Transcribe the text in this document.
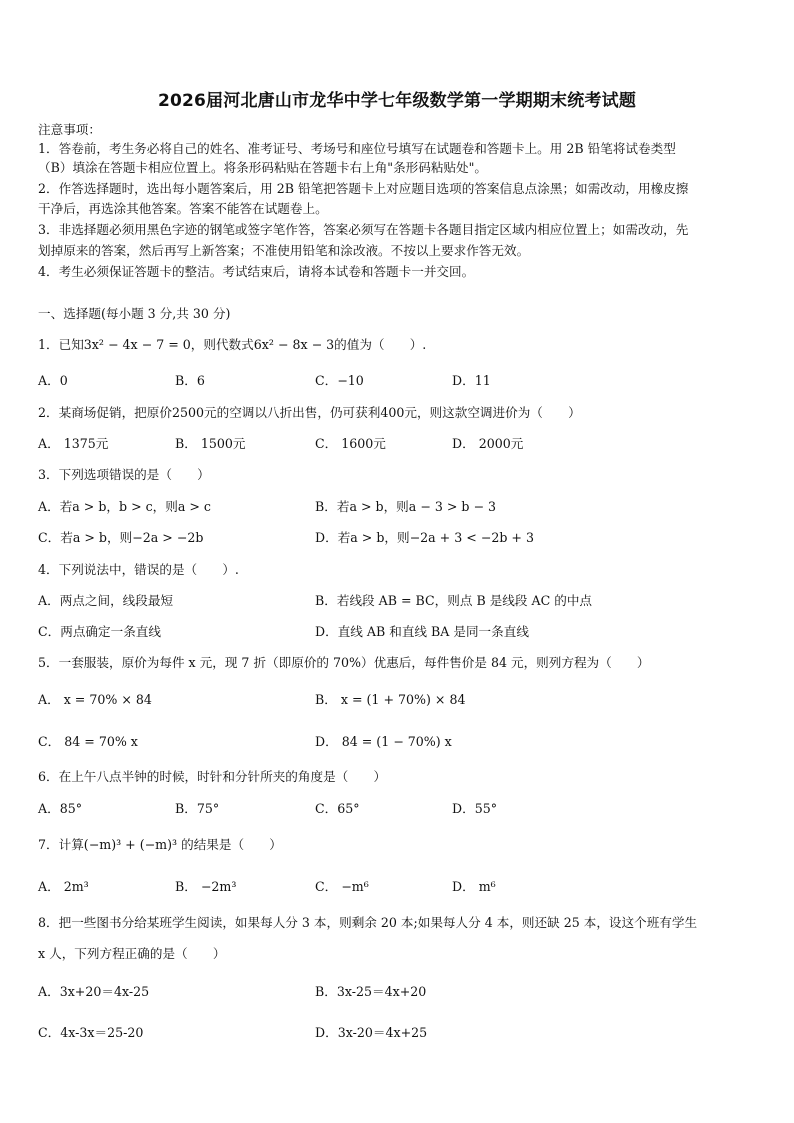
2026届河北唐山市龙华中学七年级数学第一学期期末统考试题
注意事项：
1．答卷前，考生务必将自己的姓名、准考证号、考场号和座位号填写在试题卷和答题卡上。用 2B 铅笔将试卷类型
（B）填涂在答题卡相应位置上。将条形码粘贴在答题卡右上角"条形码粘贴处"。
2．作答选择题时，选出每小题答案后，用 2B 铅笔把答题卡上对应题目选项的答案信息点涂黑；如需改动，用橡皮擦
干净后，再选涂其他答案。答案不能答在试题卷上。
3．非选择题必须用黑色字迹的钢笔或签字笔作答，答案必须写在答题卡各题目指定区域内相应位置上；如需改动，先
划掉原来的答案，然后再写上新答案；不准使用铅笔和涂改液。不按以上要求作答无效。
4．考生必须保证答题卡的整洁。考试结束后，请将本试卷和答题卡一并交回。
一、选择题(每小题 3 分,共 30 分)
1．已知3x² − 4x − 7 = 0，则代数式6x² − 8x − 3的值为（　　）.
A．0	B．6	C．−10	D．11
2．某商场促销，把原价2500元的空调以八折出售，仍可获利400元，则这款空调进价为（　　）
A． 1375元	B． 1500元	C． 1600元	D． 2000元
3．下列选项错误的是（　　）
A．若a > b，b > c，则a > c	B．若a > b，则a − 3 > b − 3
C．若a > b，则−2a > −2b	D．若a > b，则−2a + 3 < −2b + 3
4．下列说法中，错误的是（　　）.
A．两点之间，线段最短	B．若线段 AB = BC，则点 B 是线段 AC 的中点
C．两点确定一条直线	D．直线 AB 和直线 BA 是同一条直线
5．一套服装，原价为每件 x 元，现 7 折（即原价的 70%）优惠后，每件售价是 84 元，则列方程为（　　）
A． x = 70% × 84	B． x = (1 + 70%) × 84
C． 84 = 70% x	D． 84 = (1 − 70%) x
6．在上午八点半钟的时候，时针和分针所夹的角度是（　　）
A．85°	B．75°	C．65°	D．55°
7．计算(−m)³ + (−m)³ 的结果是（　　）
A． 2m³	B． −2m³	C． −m⁶	D． m⁶
8．把一些图书分给某班学生阅读，如果每人分 3 本，则剩余 20 本;如果每人分 4 本，则还缺 25 本，设这个班有学生
x 人，下列方程正确的是（　　）
A．3x+20＝4x-25	B．3x-25＝4x+20
C．4x-3x＝25-20	D．3x-20＝4x+25
